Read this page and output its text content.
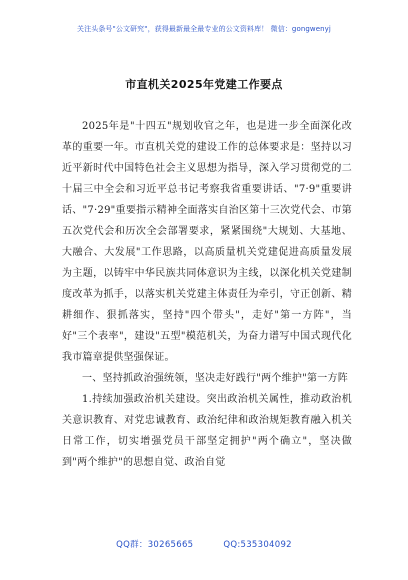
关注头条号"公文研究"，获得最新最全最专业的公文资料库！ 微信：gongwenyj
市直机关2025年党建工作要点

2025年是"十四五"规划收官之年，也是进一步全面深化改革的重要一年。市直机关党的建设工作的总体要求是：坚持以习近平新时代中国特色社会主义思想为指导，深入学习贯彻党的二十届三中全会和习近平总书记考察我省重要讲话、"7·9"重要讲话、"7·29"重要指示精神全面落实自治区第十三次党代会、市第五次党代会和历次全会部署要求，紧紧围绕"大规划、大基地、大融合、大发展"工作思路，以高质量机关党建促进高质量发展为主题，以铸牢中华民族共同体意识为主线，以深化机关党建制度改革为抓手，以落实机关党建主体责任为牵引，守正创新、精耕细作、狠抓落实，坚持"四个带头"，走好"第一方阵"，当好"三个表率"，建设"五型"模范机关，为奋力谱写中国式现代化我市篇章提供坚强保证。

一、坚持抓政治强统领，坚决走好践行"两个维护"第一方阵

1.持续加强政治机关建设。突出政治机关属性，推动政治机关意识教育、对党忠诚教育、政治纪律和政治规矩教育融入机关日常工作，切实增强党员干部坚定拥护"两个确立"，坚决做到"两个维护"的思想自觉、政治自觉

QQ群：30265665	QQ:535304092
